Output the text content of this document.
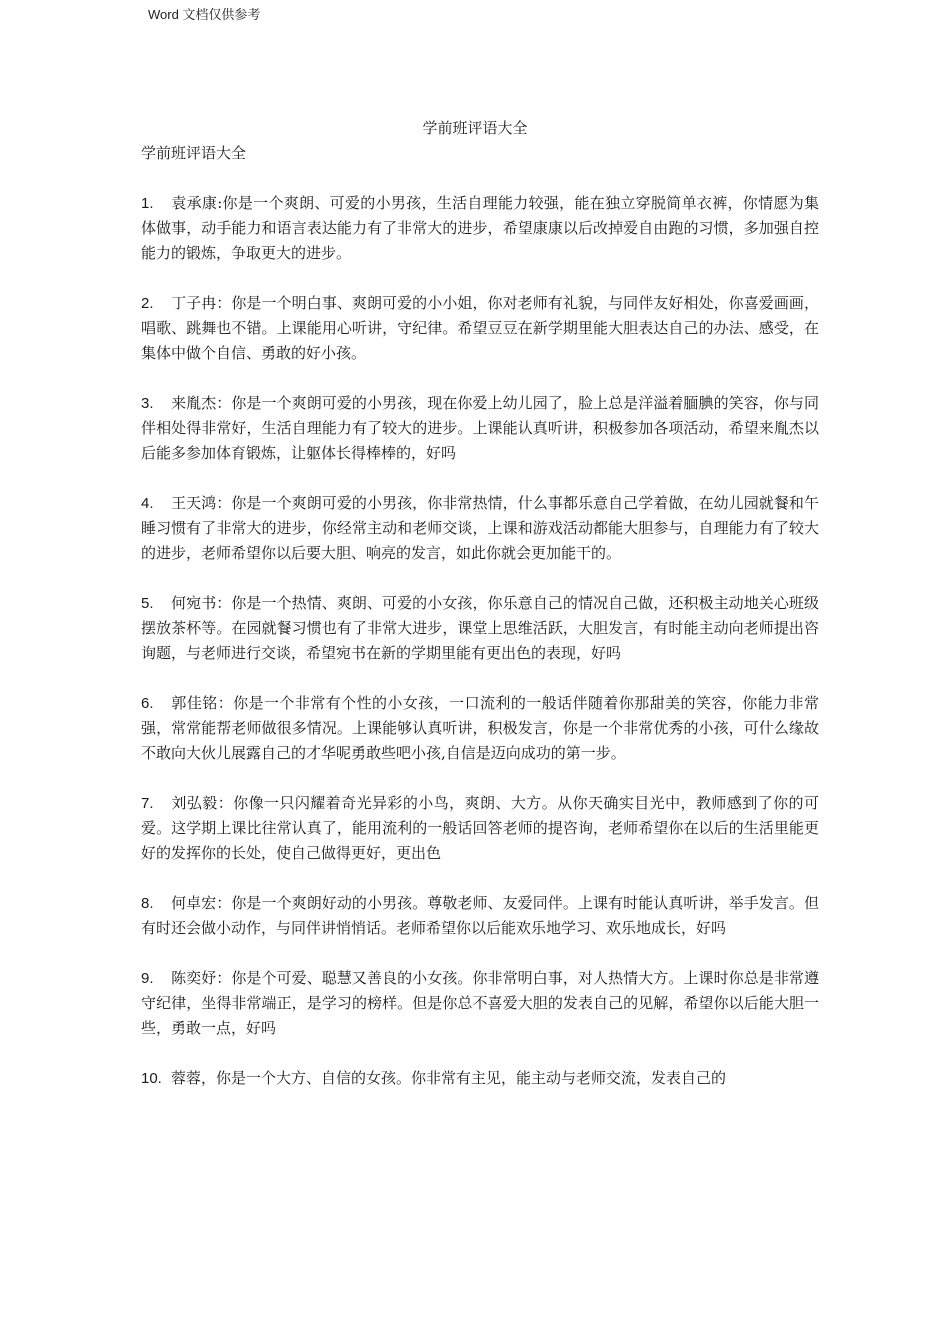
Word 文档仅供参考
学前班评语大全
学前班评语大全
1. 袁承康:你是一个爽朗、可爱的小男孩，生活自理能力较强，能在独立穿脱简单衣裤，你情愿为集体做事，动手能力和语言表达能力有了非常大的进步，希望康康以后改掉爱自由跑的习惯，多加强自控能力的锻炼，争取更大的进步。
2. 丁子冉：你是一个明白事、爽朗可爱的小小姐，你对老师有礼貌，与同伴友好相处，你喜爱画画，唱歌、跳舞也不错。上课能用心听讲，守纪律。希望豆豆在新学期里能大胆表达自己的办法、感受，在集体中做个自信、勇敢的好小孩。
3. 来胤杰：你是一个爽朗可爱的小男孩，现在你爱上幼儿园了，脸上总是洋溢着腼腆的笑容，你与同伴相处得非常好，生活自理能力有了较大的进步。上课能认真听讲，积极参加各项活动，希望来胤杰以后能多参加体育锻炼，让躯体长得棒棒的，好吗
4. 王天鸿：你是一个爽朗可爱的小男孩，你非常热情，什么事都乐意自己学着做，在幼儿园就餐和午睡习惯有了非常大的进步，你经常主动和老师交谈，上课和游戏活动都能大胆参与，自理能力有了较大的进步，老师希望你以后要大胆、响亮的发言，如此你就会更加能干的。
5. 何宛书：你是一个热情、爽朗、可爱的小女孩，你乐意自己的情况自己做，还积极主动地关心班级摆放茶杯等。在园就餐习惯也有了非常大进步，课堂上思维活跃，大胆发言，有时能主动向老师提出咨询题，与老师进行交谈，希望宛书在新的学期里能有更出色的表现，好吗
6. 郭佳铭：你是一个非常有个性的小女孩，一口流利的一般话伴随着你那甜美的笑容，你能力非常强，常常能帮老师做很多情况。上课能够认真听讲，积极发言，你是一个非常优秀的小孩，可什么缘故不敢向大伙儿展露自己的才华呢勇敢些吧小孩,自信是迈向成功的第一步。
7. 刘弘毅：你像一只闪耀着奇光异彩的小鸟，爽朗、大方。从你天确实目光中，教师感到了你的可爱。这学期上课比往常认真了，能用流利的一般话回答老师的提咨询，老师希望你在以后的生活里能更好的发挥你的长处，使自己做得更好，更出色
8. 何卓宏：你是一个爽朗好动的小男孩。尊敬老师、友爱同伴。上课有时能认真听讲，举手发言。但有时还会做小动作，与同伴讲悄悄话。老师希望你以后能欢乐地学习、欢乐地成长，好吗
9. 陈奕妤：你是个可爱、聪慧又善良的小女孩。你非常明白事，对人热情大方。上课时你总是非常遵守纪律，坐得非常端正，是学习的榜样。但是你总不喜爱大胆的发表自己的见解，希望你以后能大胆一些，勇敢一点，好吗
10. 蓉蓉，你是一个大方、自信的女孩。你非常有主见，能主动与老师交流，发表自己的
